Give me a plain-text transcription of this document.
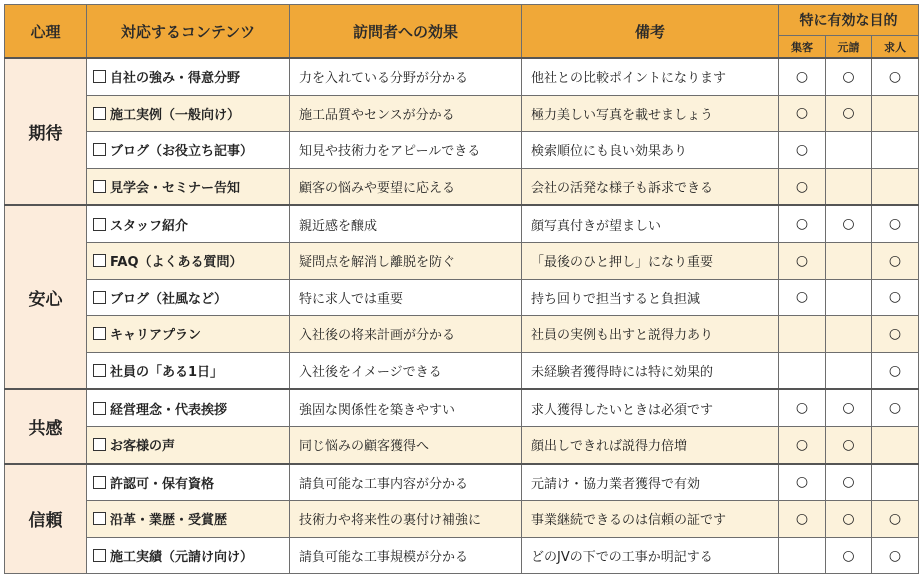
心理	対応するコンテンツ	訪問者への効果	備考	特に有効な目的		
				集客	元請	求人
期待	自社の強み・得意分野	力を入れている分野が分かる	他社との比較ポイントになります	○	○	○
	施工実例（一般向け）	施工品質やセンスが分かる	極力美しい写真を載せましょう	○	○	
	ブログ（お役立ち記事）	知見や技術力をアピールできる	検索順位にも良い効果あり	○		
	見学会・セミナー告知	顧客の悩みや要望に応える	会社の活発な様子も訴求できる	○		
安心	スタッフ紹介	親近感を醸成	顔写真付きが望ましい	○	○	○
	FAQ（よくある質問）	疑問点を解消し離脱を防ぐ	「最後のひと押し」になり重要	○		○
	ブログ（社風など）	特に求人では重要	持ち回りで担当すると負担減	○		○
	キャリアプラン	入社後の将来計画が分かる	社員の実例も出すと説得力あり			○
	社員の「ある1日」	入社後をイメージできる	未経験者獲得時には特に効果的			○
共感	経営理念・代表挨拶	強固な関係性を築きやすい	求人獲得したいときは必須です	○	○	○
	お客様の声	同じ悩みの顧客獲得へ	顔出しできれば説得力倍増	○	○	
信頼	許認可・保有資格	請負可能な工事内容が分かる	元請け・協力業者獲得で有効	○	○	
	沿革・業歴・受賞歴	技術力や将来性の裏付け補強に	事業継続できるのは信頼の証です	○	○	○
	施工実績（元請け向け）	請負可能な工事規模が分かる	どのJVの下での工事か明記する		○	○
